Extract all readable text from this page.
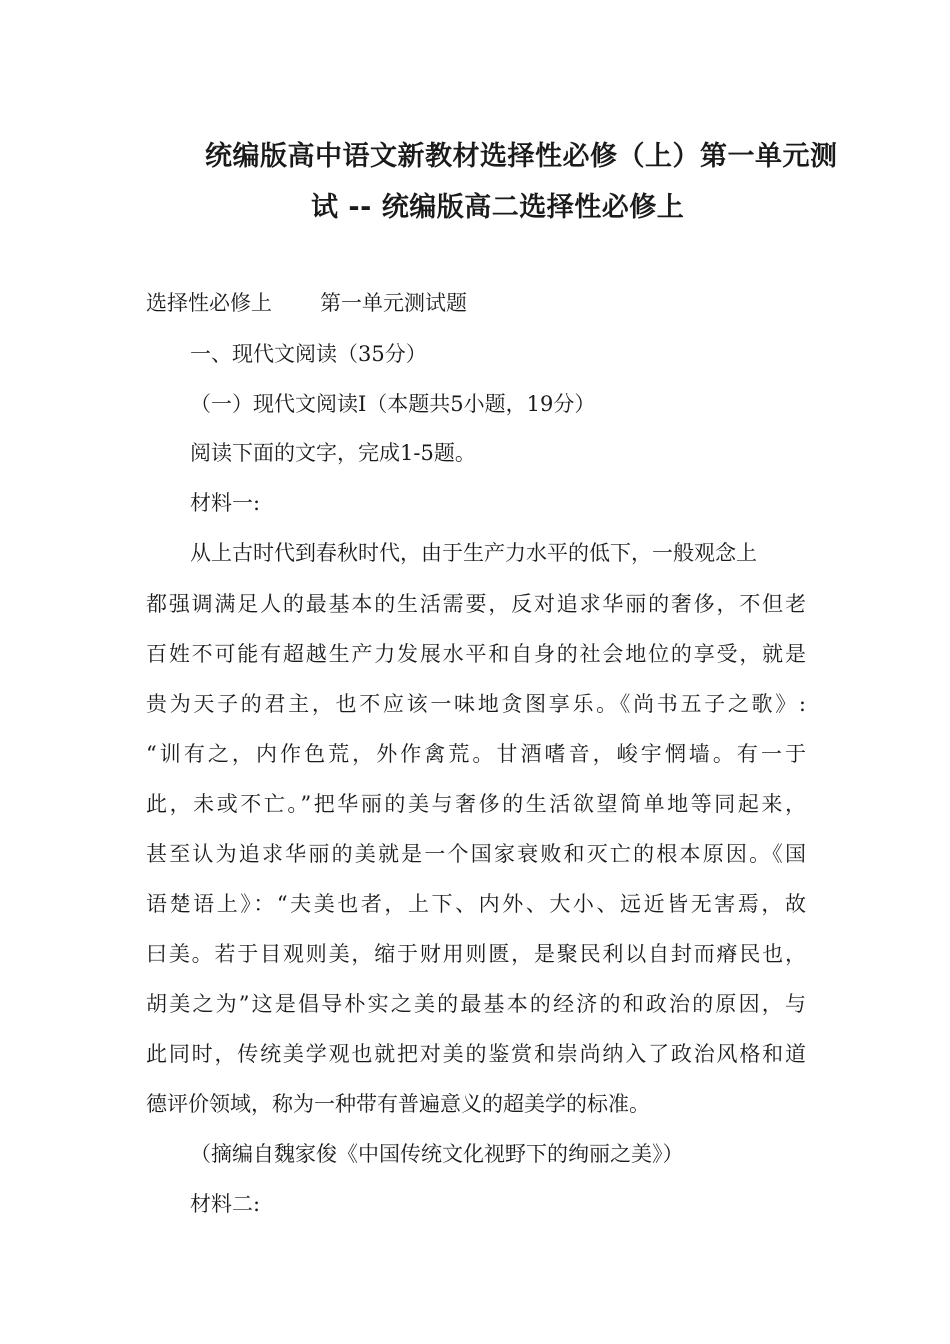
统编版高中语文新教材选择性必修（上）第一单元测
试 -- 统编版高二选择性必修上
选择性必修上 第一单元测试题
一、现代文阅读（35分）
（一）现代文阅读Ⅰ（本题共5小题，19分）
阅读下面的文字，完成1-5题。
材料一:
从上古时代到春秋时代，由于生产力水平的低下，一般观念上
都强调满足人的最基本的生活需要，反对追求华丽的奢侈，不但老
百姓不可能有超越生产力发展水平和自身的社会地位的享受，就是
贵为天子的君主，也不应该一味地贪图享乐。《尚书五子之歌》:
“训有之，内作色荒，外作禽荒。甘酒嗜音，峻宇惘墙。有一于
此，未或不亡。”把华丽的美与奢侈的生活欲望简单地等同起来，
甚至认为追求华丽的美就是一个国家衰败和灭亡的根本原因。《国
语楚语上》：“夫美也者，上下、内外、大小、远近皆无害焉，故
曰美。若于目观则美，缩于财用则匮，是聚民利以自封而瘠民也，
胡美之为”这是倡导朴实之美的最基本的经济的和政治的原因，与
此同时，传统美学观也就把对美的鉴赏和崇尚纳入了政治风格和道
德评价领域，称为一种带有普遍意义的超美学的标准。
（摘编自魏家俊《中国传统文化视野下的绚丽之美》）
材料二:
